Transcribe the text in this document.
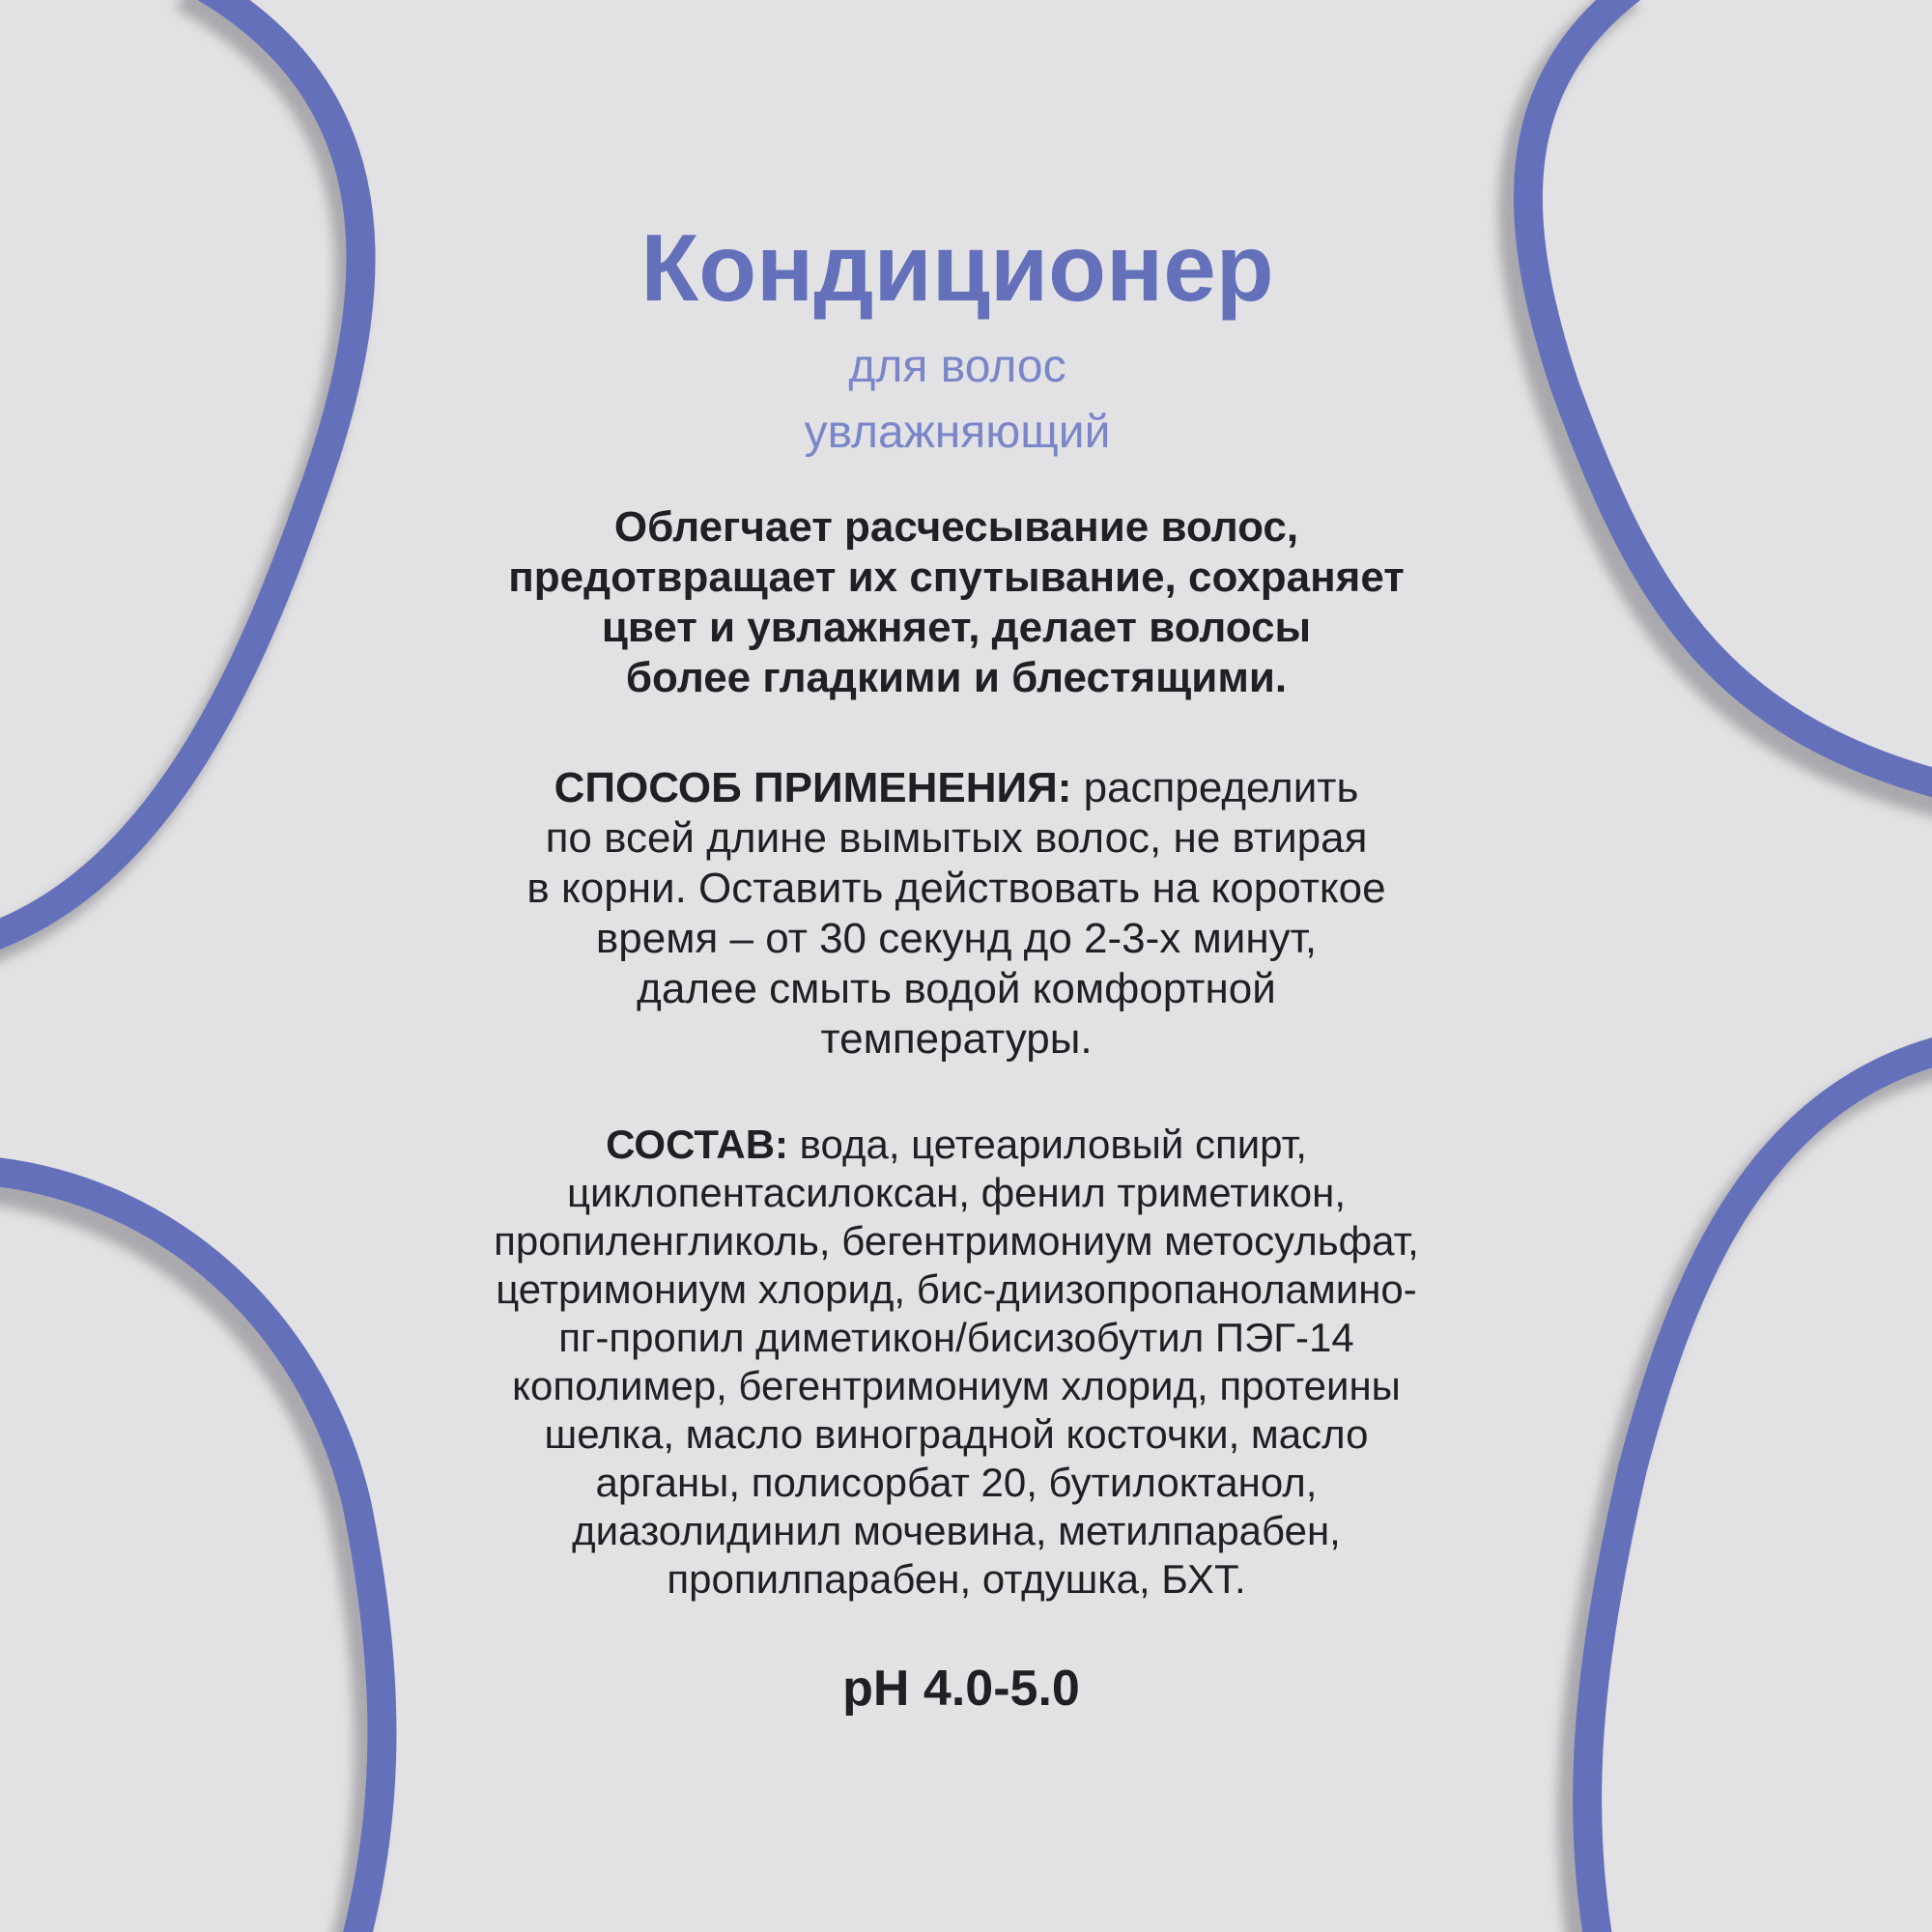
Кондиционер
для волос
увлажняющий

Облегчает расчесывание волос,
предотвращает их спутывание, сохраняет
цвет и увлажняет, делает волосы
более гладкими и блестящими.

СПОСОБ ПРИМЕНЕНИЯ: распределить
по всей длине вымытых волос, не втирая
в корни. Оставить действовать на короткое
время – от 30 секунд до 2-3-х минут,
далее смыть водой комфортной
температуры.

СОСТАВ: вода, цетеариловый спирт,
циклопентасилоксан, фенил триметикон,
пропиленгликоль, бегентримониум метосульфат,
цетримониум хлорид, бис-диизопропаноламино-
пг-пропил диметикон/бисизобутил ПЭГ-14
кополимер, бегентримониум хлорид, протеины
шелка, масло виноградной косточки, масло
арганы, полисорбат 20, бутилоктанол,
диазолидинил мочевина, метилпарабен,
пропилпарабен, отдушка, БХТ.

pH 4.0-5.0
